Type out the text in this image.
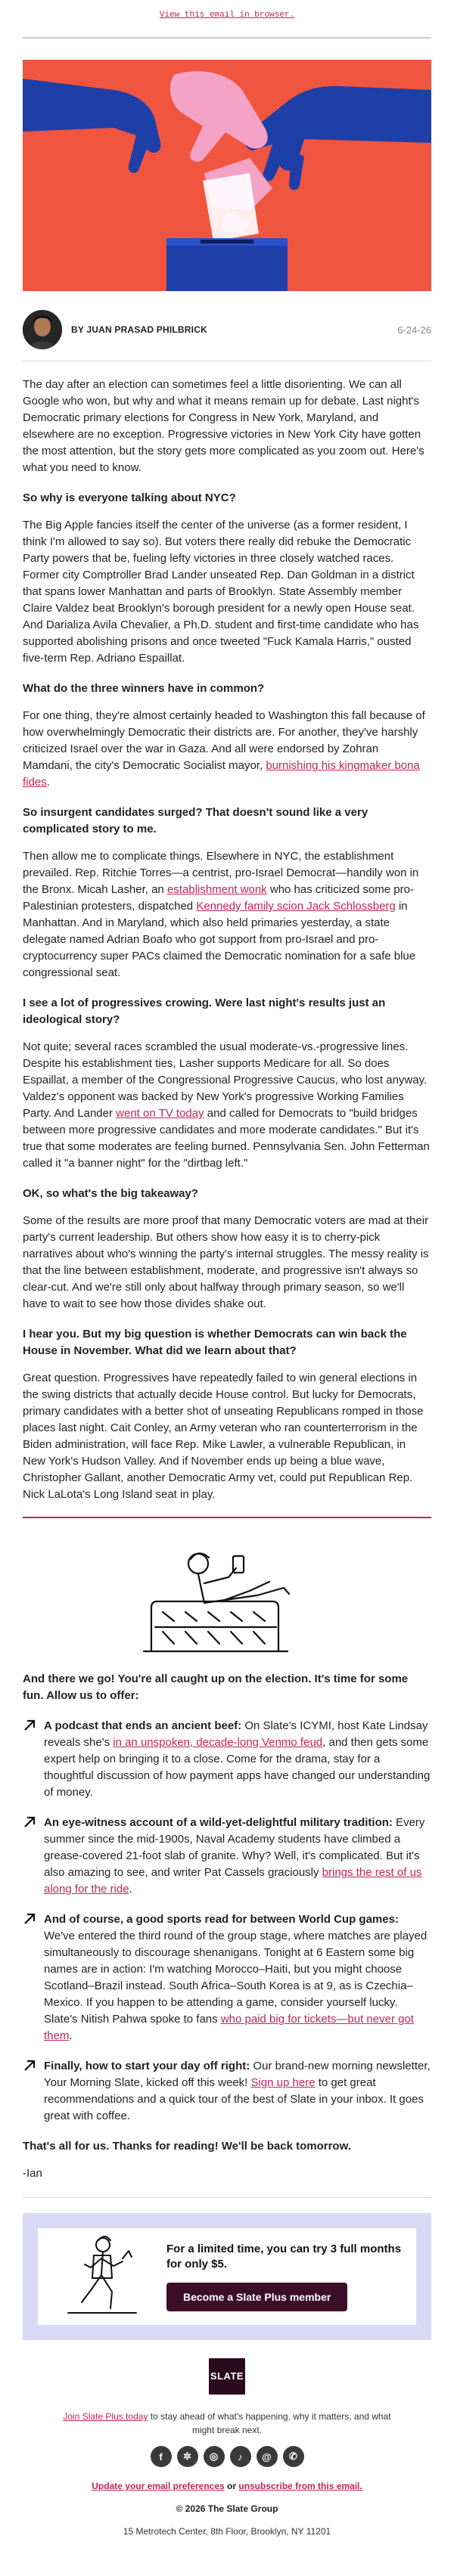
View this email in browser.
BY JUAN PRASAD PHILBRICK	6-24-26

The day after an election can sometimes feel a little disorienting. We can all Google who won, but why and what it means remain up for debate. Last night's Democratic primary elections for Congress in New York, Maryland, and elsewhere are no exception. Progressive victories in New York City have gotten the most attention, but the story gets more complicated as you zoom out. Here's what you need to know.

So why is everyone talking about NYC?

The Big Apple fancies itself the center of the universe (as a former resident, I think I'm allowed to say so). But voters there really did rebuke the Democratic Party powers that be, fueling lefty victories in three closely watched races. Former city Comptroller Brad Lander unseated Rep. Dan Goldman in a district that spans lower Manhattan and parts of Brooklyn. State Assembly member Claire Valdez beat Brooklyn's borough president for a newly open House seat. And Darializa Avila Chevalier, a Ph.D. student and first-time candidate who has supported abolishing prisons and once tweeted "Fuck Kamala Harris," ousted five-term Rep. Adriano Espaillat.

What do the three winners have in common?

For one thing, they're almost certainly headed to Washington this fall because of how overwhelmingly Democratic their districts are. For another, they've harshly criticized Israel over the war in Gaza. And all were endorsed by Zohran Mamdani, the city's Democratic Socialist mayor, burnishing his kingmaker bona fides.

So insurgent candidates surged? That doesn't sound like a very complicated story to me.

Then allow me to complicate things. Elsewhere in NYC, the establishment prevailed. Rep. Ritchie Torres—a centrist, pro-Israel Democrat—handily won in the Bronx. Micah Lasher, an establishment wonk who has criticized some pro-Palestinian protesters, dispatched Kennedy family scion Jack Schlossberg in Manhattan. And in Maryland, which also held primaries yesterday, a state delegate named Adrian Boafo who got support from pro-Israel and pro-cryptocurrency super PACs claimed the Democratic nomination for a safe blue congressional seat.

I see a lot of progressives crowing. Were last night's results just an ideological story?

Not quite; several races scrambled the usual moderate-vs.-progressive lines. Despite his establishment ties, Lasher supports Medicare for all. So does Espaillat, a member of the Congressional Progressive Caucus, who lost anyway. Valdez's opponent was backed by New York's progressive Working Families Party. And Lander went on TV today and called for Democrats to "build bridges between more progressive candidates and more moderate candidates." But it's true that some moderates are feeling burned. Pennsylvania Sen. John Fetterman called it "a banner night" for the "dirtbag left."

OK, so what's the big takeaway?

Some of the results are more proof that many Democratic voters are mad at their party's current leadership. But others show how easy it is to cherry-pick narratives about who's winning the party's internal struggles. The messy reality is that the line between establishment, moderate, and progressive isn't always so clear-cut. And we're still only about halfway through primary season, so we'll have to wait to see how those divides shake out.

I hear you. But my big question is whether Democrats can win back the House in November. What did we learn about that?

Great question. Progressives have repeatedly failed to win general elections in the swing districts that actually decide House control. But lucky for Democrats, primary candidates with a better shot of unseating Republicans romped in those places last night. Cait Conley, an Army veteran who ran counterterrorism in the Biden administration, will face Rep. Mike Lawler, a vulnerable Republican, in New York's Hudson Valley. And if November ends up being a blue wave, Christopher Gallant, another Democratic Army vet, could put Republican Rep. Nick LaLota's Long Island seat in play.

And there we go! You're all caught up on the election. It's time for some fun. Allow us to offer:
A podcast that ends an ancient beef: On Slate's ICYMI, host Kate Lindsay reveals she's in an unspoken, decade-long Venmo feud, and then gets some expert help on bringing it to a close. Come for the drama, stay for a thoughtful discussion of how payment apps have changed our understanding of money.
An eye-witness account of a wild-yet-delightful military tradition: Every summer since the mid-1900s, Naval Academy students have climbed a grease-covered 21-foot slab of granite. Why? Well, it's complicated. But it's also amazing to see, and writer Pat Cassels graciously brings the rest of us along for the ride.
And of course, a good sports read for between World Cup games: We've entered the third round of the group stage, where matches are played simultaneously to discourage shenanigans. Tonight at 6 Eastern some big names are in action: I'm watching Morocco–Haiti, but you might choose Scotland–Brazil instead. South Africa–South Korea is at 9, as is Czechia–Mexico. If you happen to be attending a game, consider yourself lucky. Slate's Nitish Pahwa spoke to fans who paid big for tickets—but never got them.
Finally, how to start your day off right: Our brand-new morning newsletter, Your Morning Slate, kicked off this week! Sign up here to get great recommendations and a quick tour of the best of Slate in your inbox. It goes great with coffee.

That's all for us. Thanks for reading! We'll be back tomorrow.

-Ian

For a limited time, you can try 3 full months for only $5.
Become a Slate Plus member
SLATE
Join Slate Plus today to stay ahead of what's happening, why it matters, and what might break next.
f	✲	◎	♪	@	✆
Update your email preferences or unsubscribe from this email.
© 2026 The Slate Group
15 Metrotech Center, 8th Floor, Brooklyn, NY 11201
